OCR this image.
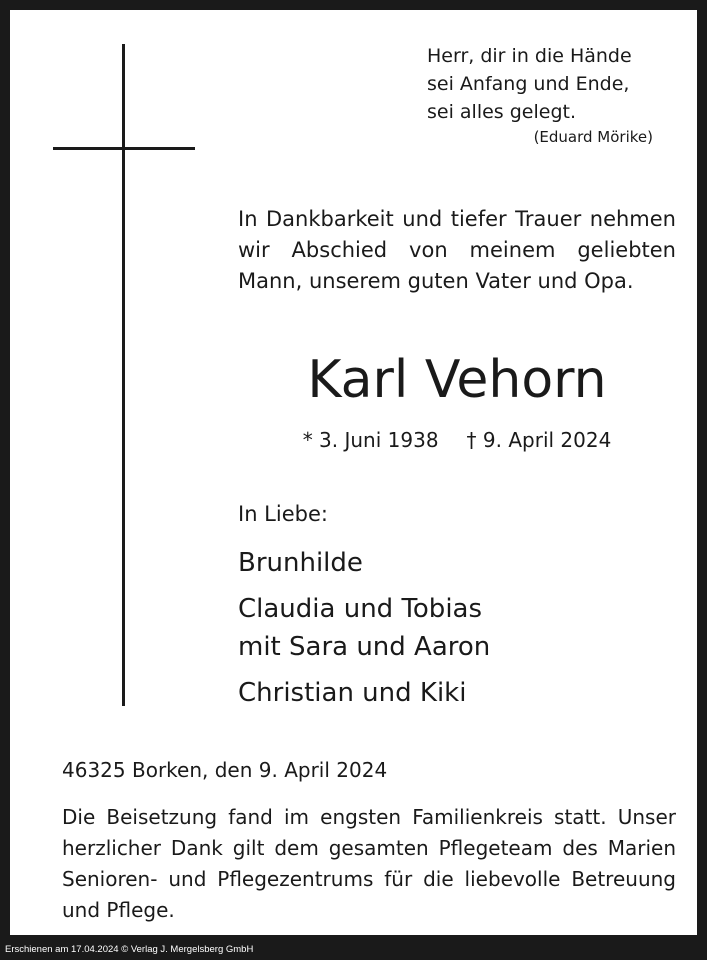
Herr, dir in die Hände
sei Anfang und Ende,
sei alles gelegt.
(Eduard Mörike)
In Dankbarkeit und tiefer Trauer nehmen wir Abschied von meinem geliebten Mann, unserem guten Vater und Opa.
Karl Vehorn
* 3. Juni 1938 † 9. April 2024
In Liebe:
Brunhilde
Claudia und Tobias
mit Sara und Aaron
Christian und Kiki
46325 Borken, den 9. April 2024
Die Beisetzung fand im engsten Familienkreis statt. Unser herzlicher Dank gilt dem gesamten Pflegeteam des Marien Senioren- und Pflegezentrums für die liebevolle Betreuung und Pflege.
Erschienen am 17.04.2024 © Verlag J. Mergelsberg GmbH
